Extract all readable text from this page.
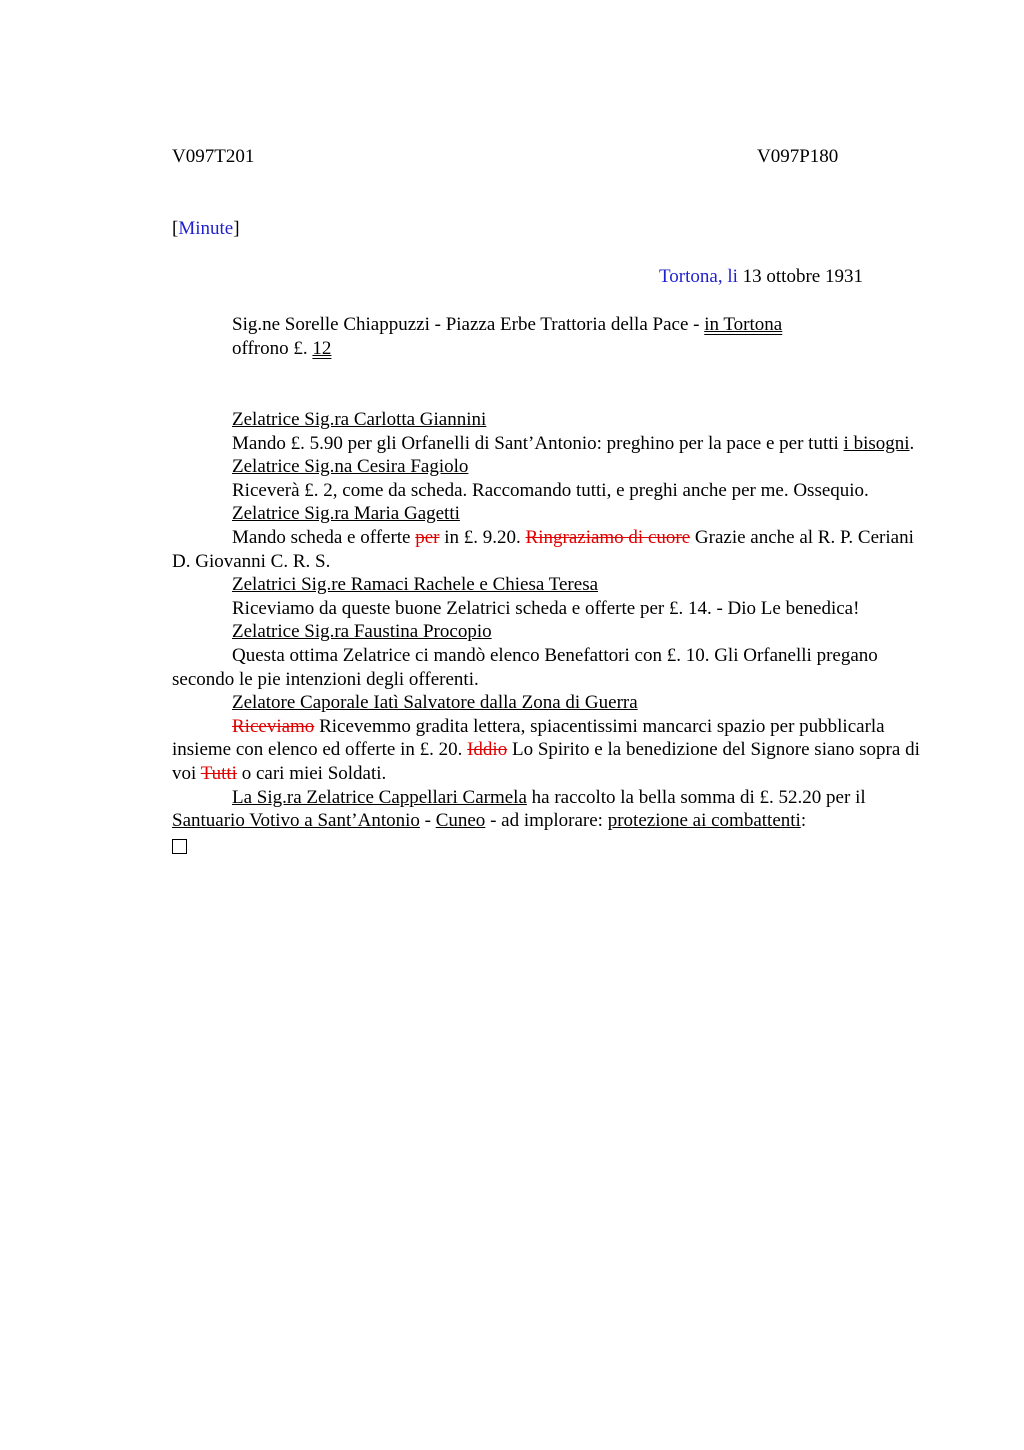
V097T201	V097P180
[Minute]
Tortona, li 13 ottobre 1931
Sig.ne Sorelle Chiappuzzi - Piazza Erbe Trattoria della Pace - in Tortona
offrono £. 12

Zelatrice Sig.ra Carlotta Giannini

Mando £. 5.90 per gli Orfanelli di Sant’Antonio: preghino per la pace e per tutti i bisogni.

Zelatrice Sig.na Cesira Fagiolo

Riceverà £. 2, come da scheda. Raccomando tutti, e preghi anche per me. Ossequio.

Zelatrice Sig.ra Maria Gagetti

Mando scheda e offerte per in £. 9.20. Ringraziamo di cuore Grazie anche al R. P. Ceriani D. Giovanni C. R. S.

Zelatrici Sig.re Ramaci Rachele e Chiesa Teresa

Riceviamo da queste buone Zelatrici scheda e offerte per £. 14. - Dio Le benedica!

Zelatrice Sig.ra Faustina Procopio

Questa ottima Zelatrice ci mandò elenco Benefattori con £. 10. Gli Orfanelli pregano secondo le pie intenzioni degli offerenti.

Zelatore Caporale Iatì Salvatore dalla Zona di Guerra

Riceviamo Ricevemmo gradita lettera, spiacentissimi mancarci spazio per pubblicarla insieme con elenco ed offerte in £. 20. Iddio Lo Spirito e la benedizione del Signore siano sopra di voi Tutti o cari miei Soldati.

La Sig.ra Zelatrice Cappellari Carmela ha raccolto la bella somma di £. 52.20 per il Santuario Votivo a Sant’Antonio - Cuneo - ad implorare: protezione ai combattenti:
